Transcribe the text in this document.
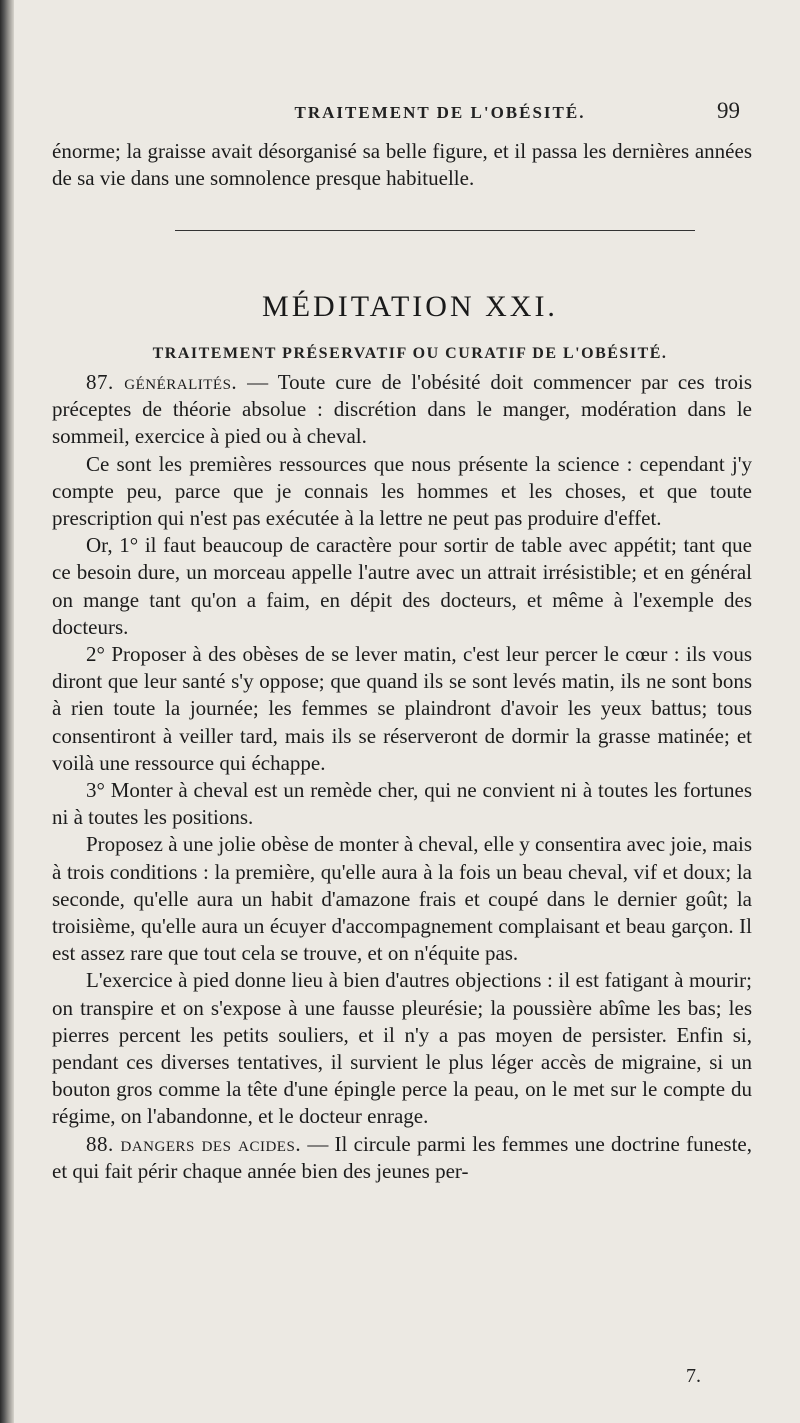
TRAITEMENT DE L'OBÉSITÉ.	99

énorme; la graisse avait désorganisé sa belle figure, et il passa les dernières années de sa vie dans une somnolence presque habituelle.

MÉDITATION XXI.
TRAITEMENT PRÉSERVATIF OU CURATIF DE L'OBÉSITÉ.

87. généralités. — Toute cure de l'obésité doit commencer par ces trois préceptes de théorie absolue : discrétion dans le manger, modération dans le sommeil, exercice à pied ou à cheval.

Ce sont les premières ressources que nous présente la science : cependant j'y compte peu, parce que je connais les hommes et les choses, et que toute prescription qui n'est pas exécutée à la lettre ne peut pas produire d'effet.

Or, 1° il faut beaucoup de caractère pour sortir de table avec appétit; tant que ce besoin dure, un morceau appelle l'autre avec un attrait irrésistible; et en général on mange tant qu'on a faim, en dépit des docteurs, et même à l'exemple des docteurs.

2° Proposer à des obèses de se lever matin, c'est leur percer le cœur : ils vous diront que leur santé s'y oppose; que quand ils se sont levés matin, ils ne sont bons à rien toute la journée; les femmes se plaindront d'avoir les yeux battus; tous consentiront à veiller tard, mais ils se réserveront de dormir la grasse matinée; et voilà une ressource qui échappe.

3° Monter à cheval est un remède cher, qui ne convient ni à toutes les fortunes ni à toutes les positions.

Proposez à une jolie obèse de monter à cheval, elle y consentira avec joie, mais à trois conditions : la première, qu'elle aura à la fois un beau cheval, vif et doux; la seconde, qu'elle aura un habit d'amazone frais et coupé dans le dernier goût; la troisième, qu'elle aura un écuyer d'accompagnement complaisant et beau garçon. Il est assez rare que tout cela se trouve, et on n'équite pas.

L'exercice à pied donne lieu à bien d'autres objections : il est fatigant à mourir; on transpire et on s'expose à une fausse pleurésie; la poussière abîme les bas; les pierres percent les petits souliers, et il n'y a pas moyen de persister. Enfin si, pendant ces diverses tentatives, il survient le plus léger accès de migraine, si un bouton gros comme la tête d'une épingle perce la peau, on le met sur le compte du régime, on l'abandonne, et le docteur enrage.

88. dangers des acides. — Il circule parmi les femmes une doctrine funeste, et qui fait périr chaque année bien des jeunes per-

7.
